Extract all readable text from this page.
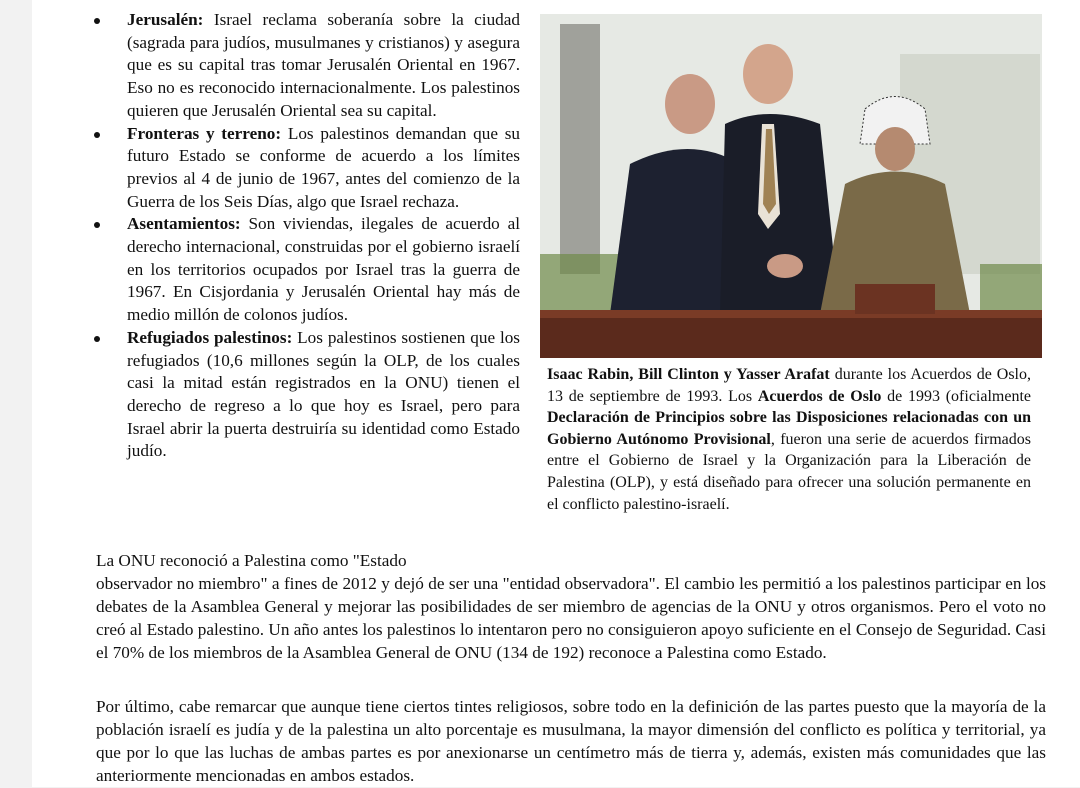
Jerusalén: Israel reclama soberanía sobre la ciudad (sagrada para judíos, musulmanes y cristianos) y asegura que es su capital tras tomar Jerusalén Oriental en 1967. Eso no es reconocido internacionalmente. Los palestinos quieren que Jerusalén Oriental sea su capital.
Fronteras y terreno: Los palestinos demandan que su futuro Estado se conforme de acuerdo a los límites previos al 4 de junio de 1967, antes del comienzo de la Guerra de los Seis Días, algo que Israel rechaza.
Asentamientos: Son viviendas, ilegales de acuerdo al derecho internacional, construidas por el gobierno israelí en los territorios ocupados por Israel tras la guerra de 1967. En Cisjordania y Jerusalén Oriental hay más de medio millón de colonos judíos.
Refugiados palestinos: Los palestinos sostienen que los refugiados (10,6 millones según la OLP, de los cuales casi la mitad están registrados en la ONU) tienen el derecho de regreso a lo que hoy es Israel, pero para Israel abrir la puerta destruiría su identidad como Estado judío.
Isaac Rabin, Bill Clinton y Yasser Arafat durante los Acuerdos de Oslo, 13 de septiembre de 1993. Los Acuerdos de Oslo de 1993 (oficialmente Declaración de Principios sobre las Disposiciones relacionadas con un Gobierno Autónomo Provisional, fueron una serie de acuerdos firmados entre el Gobierno de Israel y la Organización para la Liberación de Palestina (OLP), y está diseñado para ofrecer una solución permanente en el conflicto palestino-israelí.

La ONU reconoció a Palestina como "Estado
observador no miembro" a fines de 2012 y dejó de ser una "entidad observadora". El cambio les permitió a los palestinos participar en los debates de la Asamblea General y mejorar las posibilidades de ser miembro de agencias de la ONU y otros organismos. Pero el voto no creó al Estado palestino. Un año antes los palestinos lo intentaron pero no consiguieron apoyo suficiente en el Consejo de Seguridad. Casi el 70% de los miembros de la Asamblea General de ONU (134 de 192) reconoce a Palestina como Estado.

Por último, cabe remarcar que aunque tiene ciertos tintes religiosos, sobre todo en la definición de las partes puesto que la mayoría de la población israelí es judía y de la palestina un alto porcentaje es musulmana, la mayor dimensión del conflicto es política y territorial, ya que por lo que las luchas de ambas partes es por anexionarse un centímetro más de tierra y, además, existen más comunidades que las anteriormente mencionadas en ambos estados.
